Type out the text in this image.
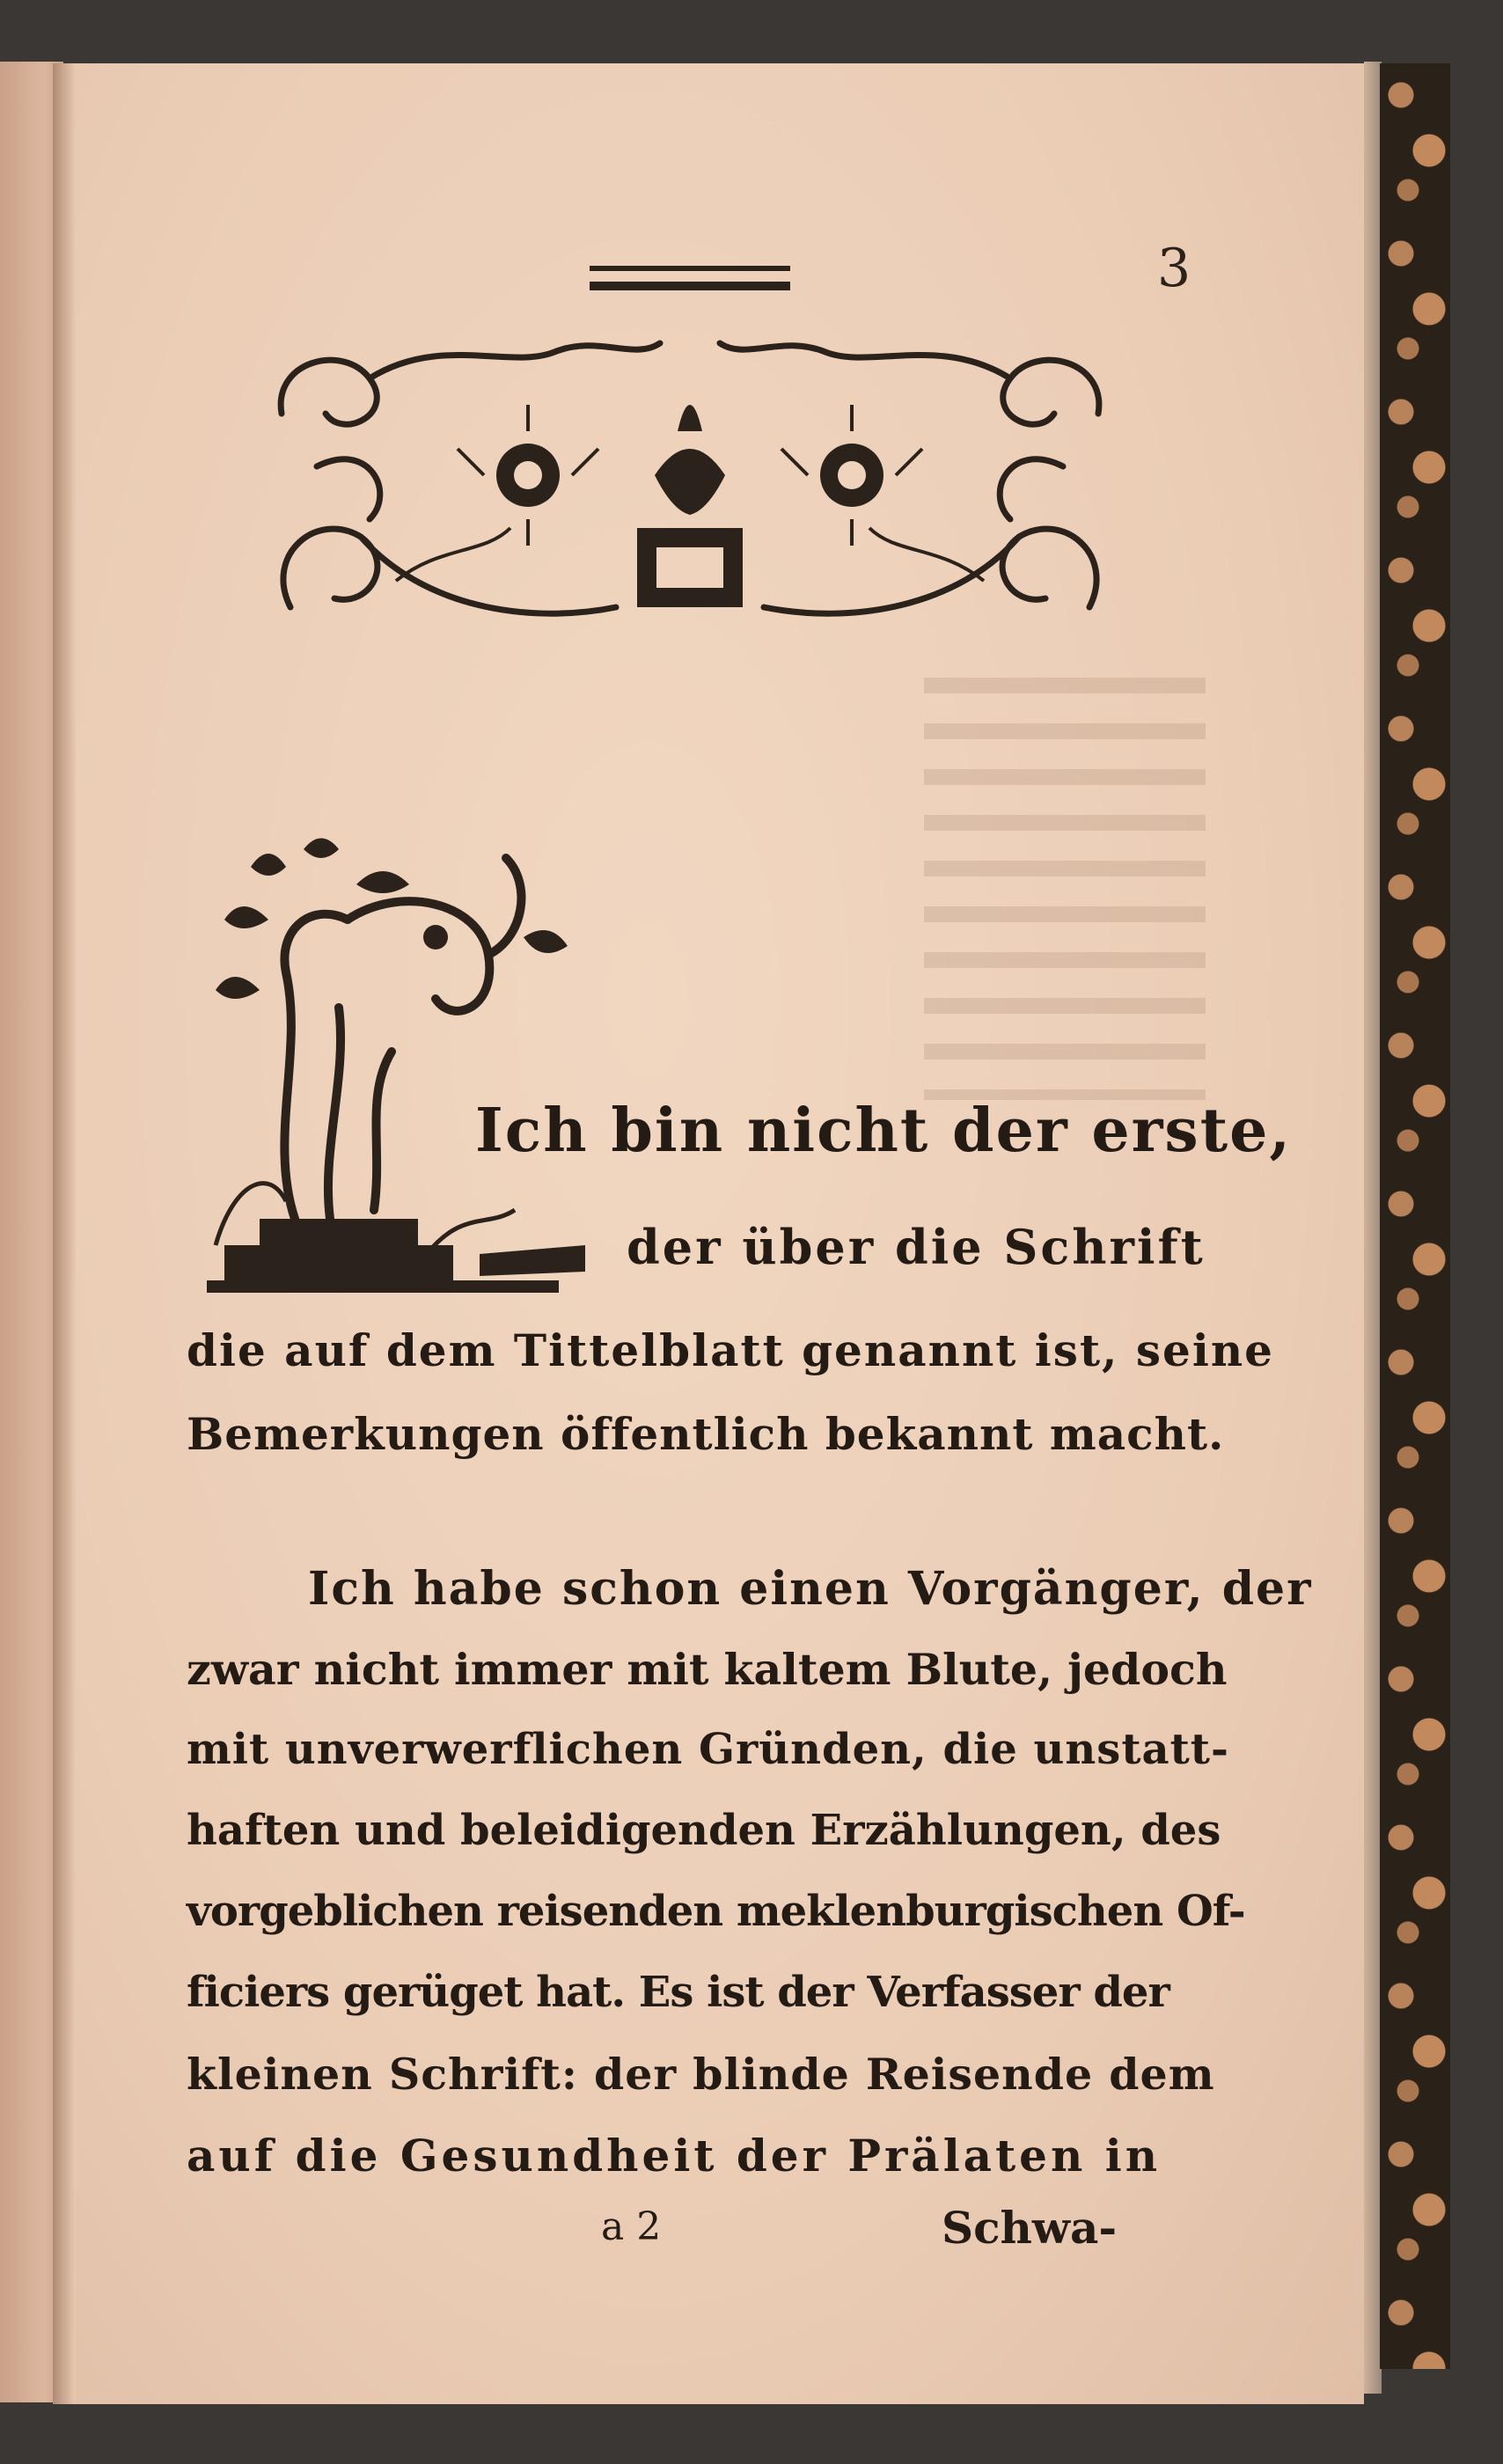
3
Ich bin nicht der erste,
der über die Schrift
die auf dem Tittelblatt genannt ist, seine
Bemerkungen öffentlich bekannt macht.
Ich habe schon einen Vorgänger, der
zwar nicht immer mit kaltem Blute, jedoch
mit unverwerflichen Gründen, die unstatt-
haften und beleidigenden Erzählungen, des
vorgeblichen reisenden meklenburgischen Of-
ficiers gerüget hat. Es ist der Verfasser der
kleinen Schrift: der blinde Reisende dem
auf die Gesundheit der Prälaten in
a 2	Schwa-
